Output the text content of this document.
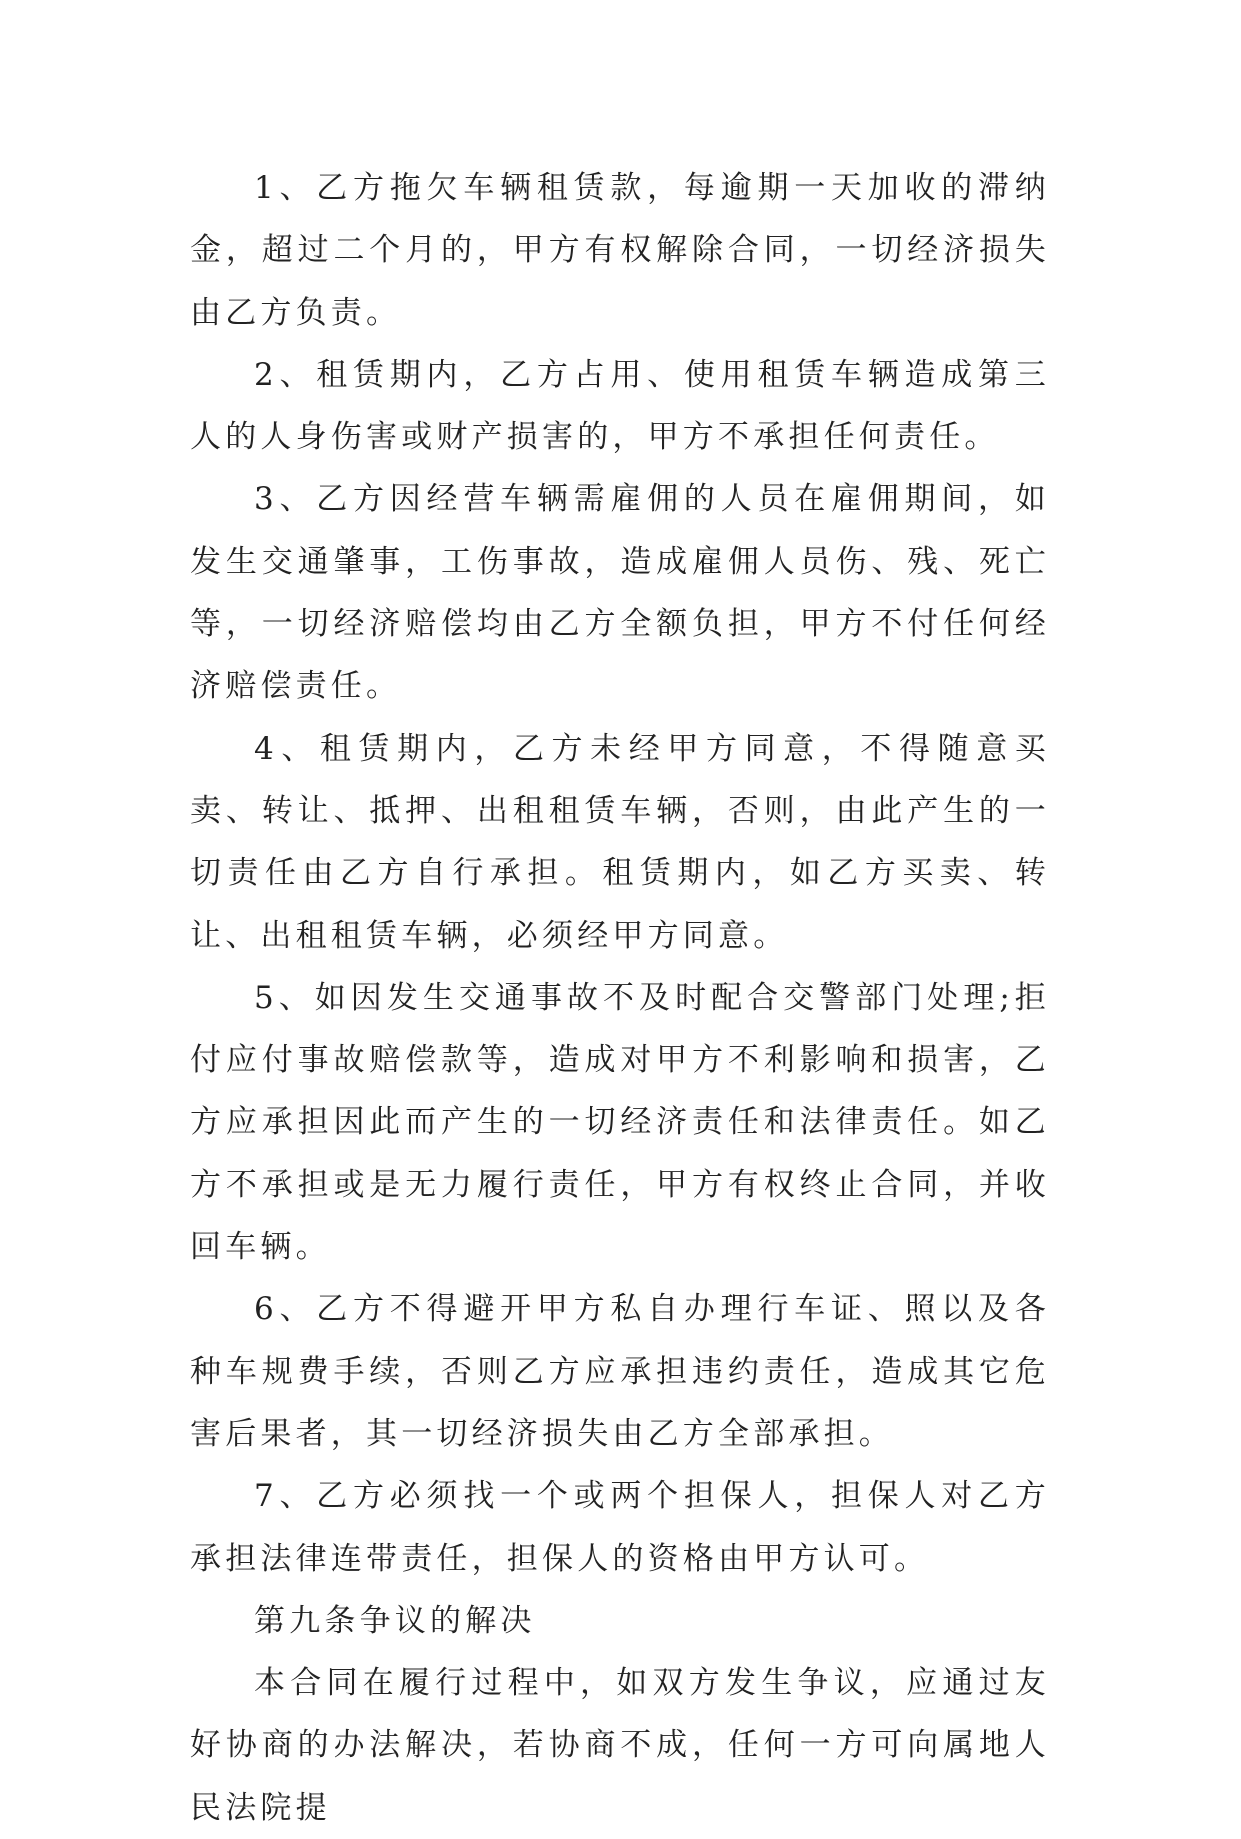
1、乙方拖欠车辆租赁款，每逾期一天加收的滞纳金，超过二个月的，甲方有权解除合同，一切经济损失由乙方负责。

2、租赁期内，乙方占用、使用租赁车辆造成第三人的人身伤害或财产损害的，甲方不承担任何责任。

3、乙方因经营车辆需雇佣的人员在雇佣期间，如发生交通肇事，工伤事故，造成雇佣人员伤、残、死亡等，一切经济赔偿均由乙方全额负担，甲方不付任何经济赔偿责任。

4、租赁期内，乙方未经甲方同意，不得随意买卖、转让、抵押、出租租赁车辆，否则，由此产生的一切责任由乙方自行承担。租赁期内，如乙方买卖、转让、出租租赁车辆，必须经甲方同意。

5、如因发生交通事故不及时配合交警部门处理;拒付应付事故赔偿款等，造成对甲方不利影响和损害，乙方应承担因此而产生的一切经济责任和法律责任。如乙方不承担或是无力履行责任，甲方有权终止合同，并收回车辆。

6、乙方不得避开甲方私自办理行车证、照以及各种车规费手续，否则乙方应承担违约责任，造成其它危害后果者，其一切经济损失由乙方全部承担。

7、乙方必须找一个或两个担保人，担保人对乙方承担法律连带责任，担保人的资格由甲方认可。

第九条争议的解决

本合同在履行过程中，如双方发生争议，应通过友好协商的办法解决，若协商不成，任何一方可向属地人民法院提
